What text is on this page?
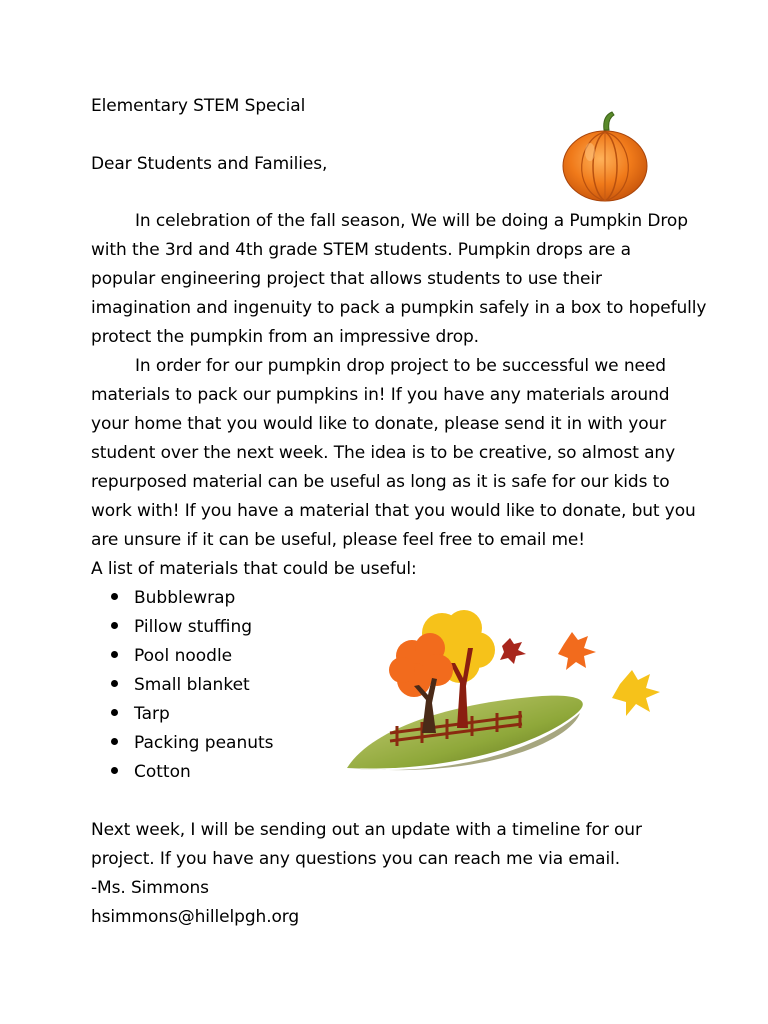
Elementary STEM Special
Dear Students and Families,
In celebration of the fall season, We will be doing a Pumpkin Drop
with the 3rd and 4th grade STEM students. Pumpkin drops are a
popular engineering project that allows students to use their
imagination and ingenuity to pack a pumpkin safely in a box to hopefully
protect the pumpkin from an impressive drop.
In order for our pumpkin drop project to be successful we need
materials to pack our pumpkins in! If you have any materials around
your home that you would like to donate, please send it in with your
student over the next week. The idea is to be creative, so almost any
repurposed material can be useful as long as it is safe for our kids to
work with! If you have a material that you would like to donate, but you
are unsure if it can be useful, please feel free to email me!
A list of materials that could be useful:
Bubblewrap
Pillow stuffing
Pool noodle
Small blanket
Tarp
Packing peanuts
Cotton
Next week, I will be sending out an update with a timeline for our
project. If you have any questions you can reach me via email.
-Ms. Simmons
hsimmons@hillelpgh.org
